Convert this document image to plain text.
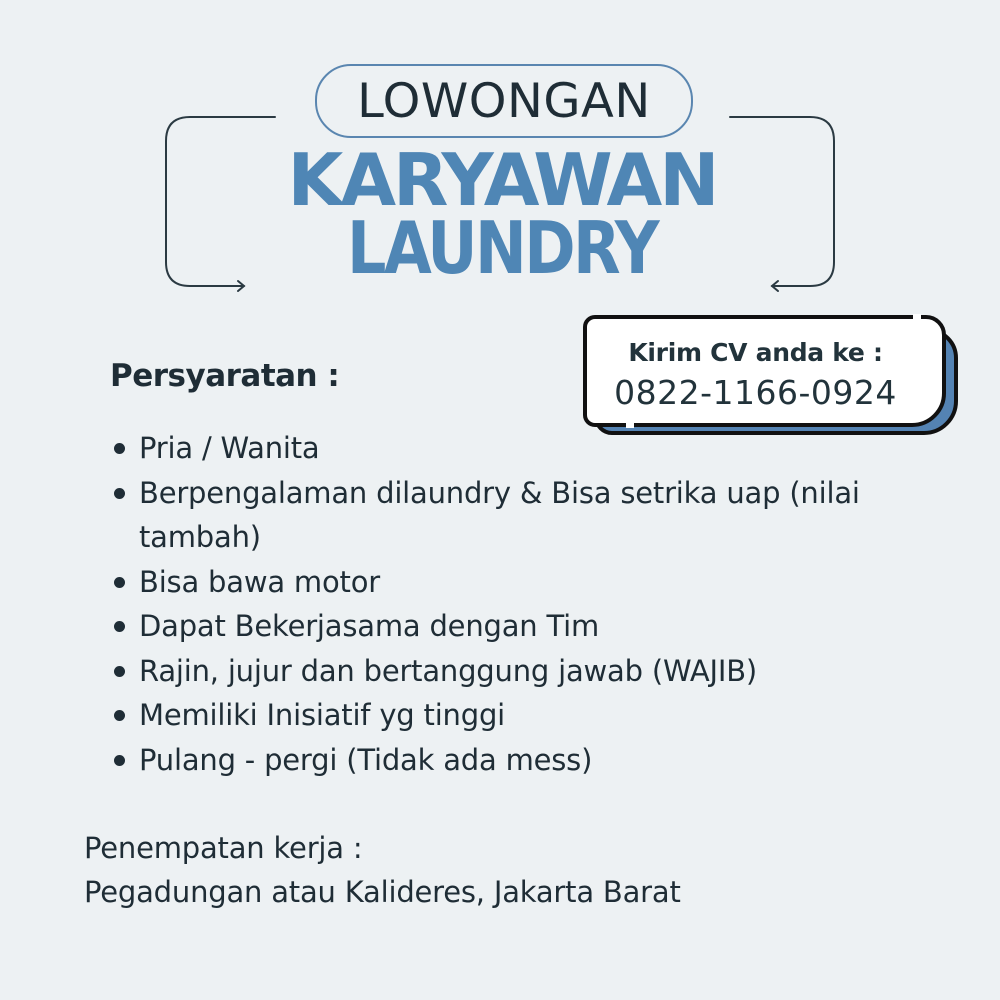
LOWONGAN
KARYAWAN
LAUNDRY
Kirim CV anda ke :
0822-1166-0924
Persyaratan :
Pria / Wanita
Berpengalaman dilaundry & Bisa setrika uap (nilai tambah)
Bisa bawa motor
Dapat Bekerjasama dengan Tim
Rajin, jujur dan bertanggung jawab (WAJIB)
Memiliki Inisiatif yg tinggi
Pulang - pergi (Tidak ada mess)
Penempatan kerja :
Pegadungan atau Kalideres, Jakarta Barat
